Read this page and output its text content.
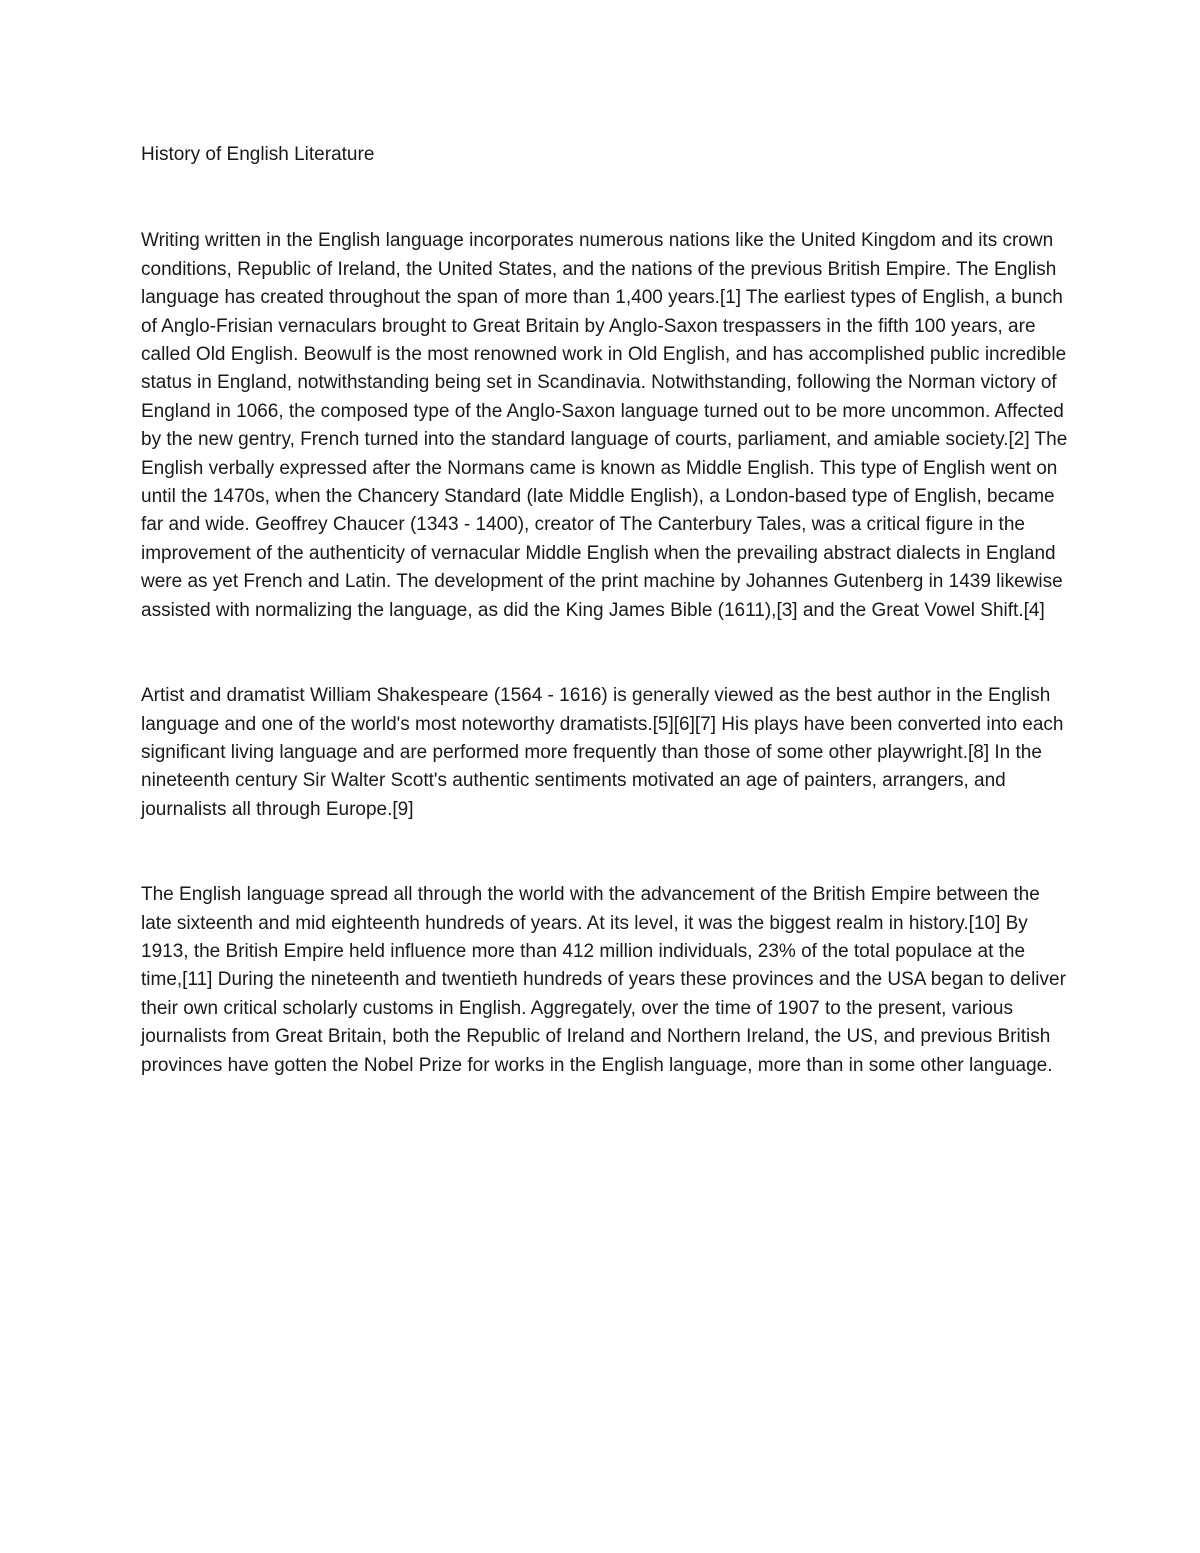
History of English Literature

Writing written in the English language incorporates numerous nations like the United Kingdom and its crown conditions, Republic of Ireland, the United States, and the nations of the previous British Empire. The English language has created throughout the span of more than 1,400 years.[1] The earliest types of English, a bunch of Anglo-Frisian vernaculars brought to Great Britain by Anglo-Saxon trespassers in the fifth 100 years, are called Old English. Beowulf is the most renowned work in Old English, and has accomplished public incredible status in England, notwithstanding being set in Scandinavia. Notwithstanding, following the Norman victory of England in 1066, the composed type of the Anglo-Saxon language turned out to be more uncommon. Affected by the new gentry, French turned into the standard language of courts, parliament, and amiable society.[2] The English verbally expressed after the Normans came is known as Middle English. This type of English went on until the 1470s, when the Chancery Standard (late Middle English), a London-based type of English, became far and wide. Geoffrey Chaucer (1343 - 1400), creator of The Canterbury Tales, was a critical figure in the improvement of the authenticity of vernacular Middle English when the prevailing abstract dialects in England were as yet French and Latin. The development of the print machine by Johannes Gutenberg in 1439 likewise assisted with normalizing the language, as did the King James Bible (1611),[3] and the Great Vowel Shift.[4]

Artist and dramatist William Shakespeare (1564 - 1616) is generally viewed as the best author in the English language and one of the world's most noteworthy dramatists.[5][6][7] His plays have been converted into each significant living language and are performed more frequently than those of some other playwright.[8] In the nineteenth century Sir Walter Scott's authentic sentiments motivated an age of painters, arrangers, and journalists all through Europe.[9]

The English language spread all through the world with the advancement of the British Empire between the late sixteenth and mid eighteenth hundreds of years. At its level, it was the biggest realm in history.[10] By 1913, the British Empire held influence more than 412 million individuals, 23% of the total populace at the time,[11] During the nineteenth and twentieth hundreds of years these provinces and the USA began to deliver their own critical scholarly customs in English. Aggregately, over the time of 1907 to the present, various journalists from Great Britain, both the Republic of Ireland and Northern Ireland, the US, and previous British provinces have gotten the Nobel Prize for works in the English language, more than in some other language.
